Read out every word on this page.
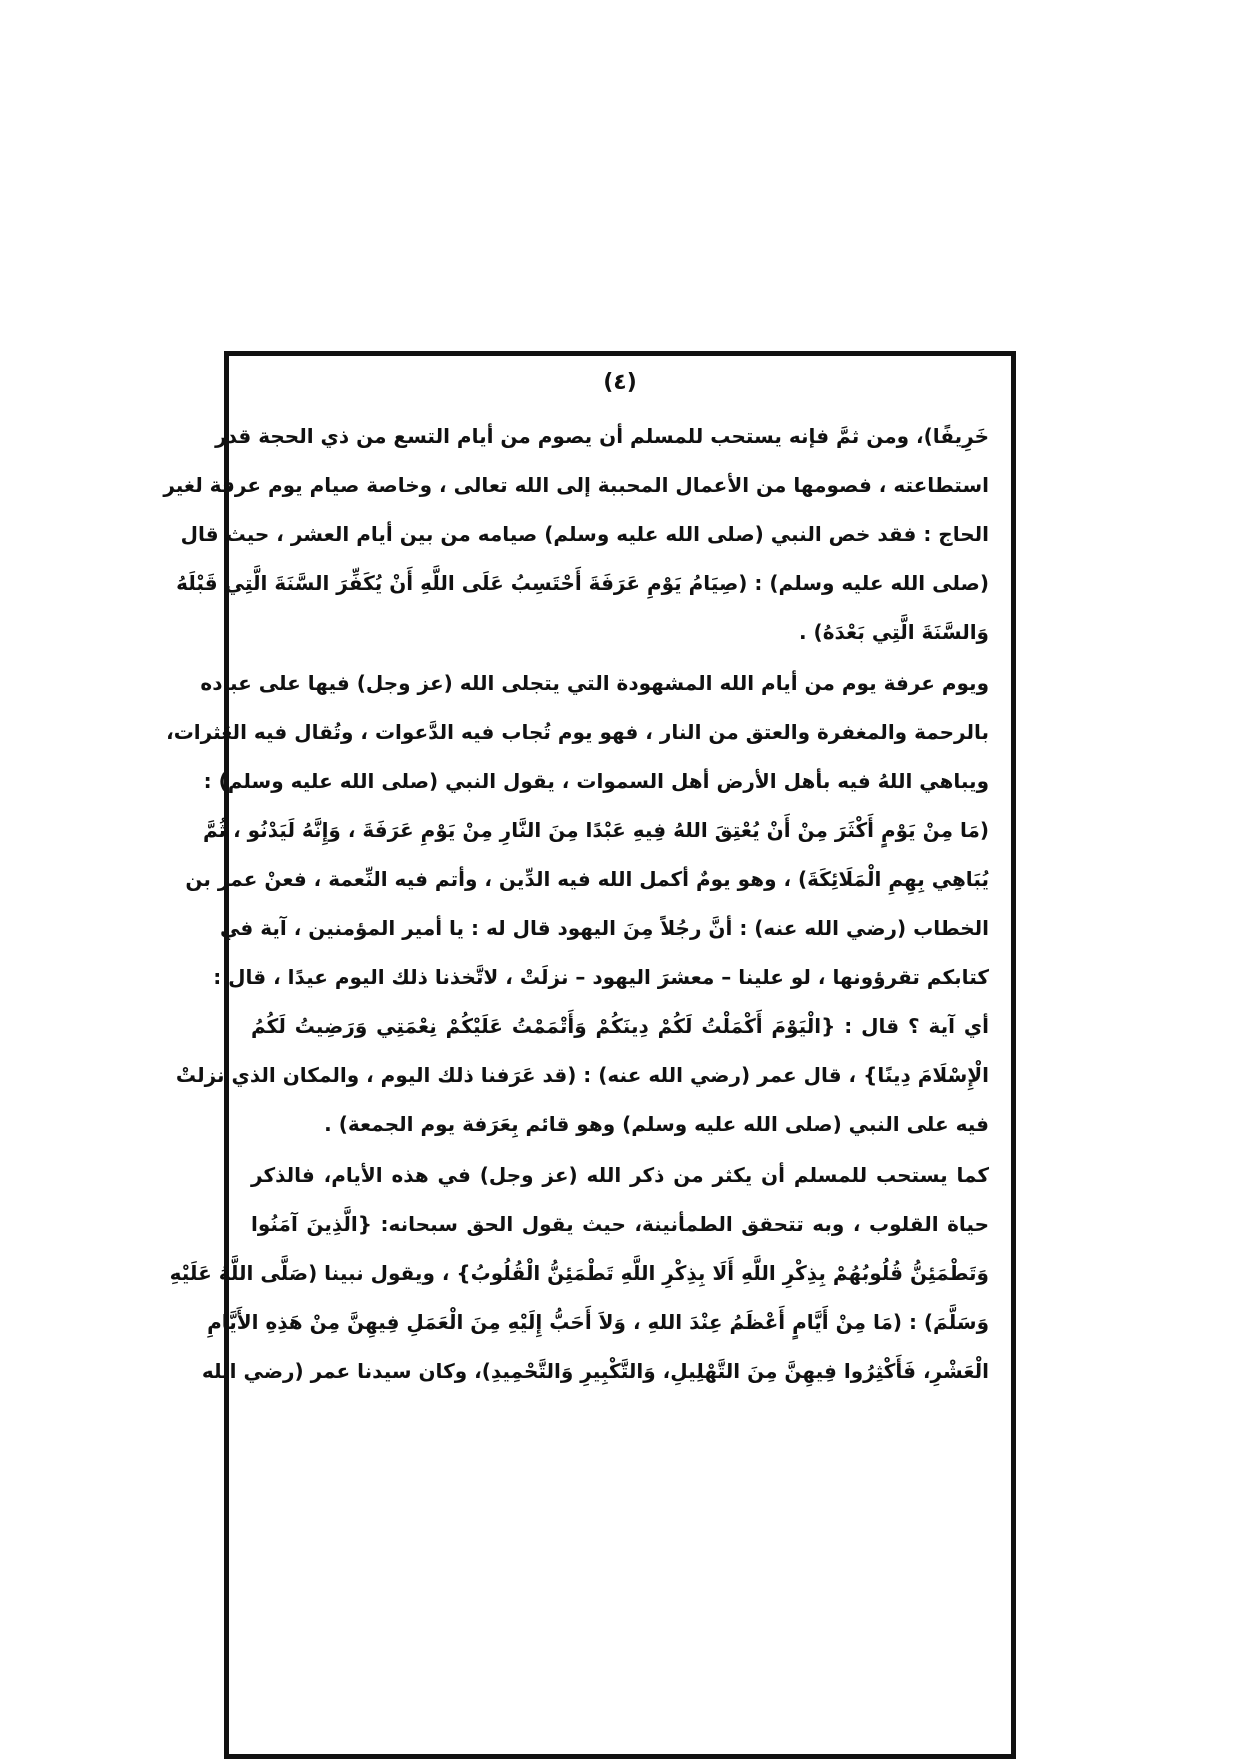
(٤)
خَرِيفًا)، ومن ثمَّ فإنه يستحب للمسلم أن يصوم من أيام التسع من ذي الحجة قدر
استطاعته ، فصومها من الأعمال المحببة إلى الله تعالى ، وخاصة صيام يوم عرفة لغير
الحاج : فقد خص النبي (صلى الله عليه وسلم) صيامه من بين أيام العشر ، حيث قال
(صلى الله عليه وسلم) : (صِيَامُ يَوْمِ عَرَفَةَ أَحْتَسِبُ عَلَى اللَّهِ أَنْ يُكَفِّرَ السَّنَةَ الَّتِي قَبْلَهُ
وَالسَّنَةَ الَّتِي بَعْدَهُ) .
ويوم عرفة يوم من أيام الله المشهودة التي يتجلى الله (عز وجل) فيها على عباده
بالرحمة والمغفرة والعتق من النار ، فهو يوم تُجاب فيه الدَّعوات ، وتُقال فيه العَثرات،
ويباهي اللهُ فيه بأهل الأرض أهل السموات ، يقول النبي (صلى الله عليه وسلم) :
(مَا مِنْ يَوْمٍ أَكْثَرَ مِنْ أَنْ يُعْتِقَ اللهُ فِيهِ عَبْدًا مِنَ النَّارِ مِنْ يَوْمِ عَرَفَةَ ، وَإِنَّهُ لَيَدْنُو ، ثُمَّ
يُبَاهِي بِهِمِ الْمَلَائِكَةَ) ، وهو يومٌ أكمل الله فيه الدِّين ، وأتم فيه النِّعمة ، فعنْ عمر بن
الخطاب (رضي الله عنه) : أنَّ رجُلاً مِنَ اليهود قال له : يا أمير المؤمنين ، آية في
كتابكم تقرؤونها ، لو علينا – معشرَ اليهود – نزلَتْ ، لاتَّخذنا ذلك اليوم عيدًا ، قال :
أي آية ؟ قال : {الْيَوْمَ أَكْمَلْتُ لَكُمْ دِينَكُمْ وَأَتْمَمْتُ عَلَيْكُمْ نِعْمَتِي وَرَضِيتُ لَكُمُ
الْإِسْلَامَ دِينًا} ، قال عمر (رضي الله عنه) : (قد عَرَفنا ذلك اليوم ، والمكان الذي نزلتْ
فيه على النبي (صلى الله عليه وسلم) وهو قائم بِعَرَفة يوم الجمعة) .
كما يستحب للمسلم أن يكثر من ذكر الله (عز وجل) في هذه الأيام، فالذكر
حياة القلوب ، وبه تتحقق الطمأنينة، حيث يقول الحق سبحانه: {الَّذِينَ آمَنُوا
وَتَطْمَئِنُّ قُلُوبُهُمْ بِذِكْرِ اللَّهِ أَلَا بِذِكْرِ اللَّهِ تَطْمَئِنُّ الْقُلُوبُ} ، ويقول نبينا (صَلَّى اللَّهُ عَلَيْهِ
وَسَلَّمَ) : (مَا مِنْ أَيَّامٍ أَعْظَمُ عِنْدَ اللهِ ، وَلاَ أَحَبُّ إِلَيْهِ مِنَ الْعَمَلِ فِيهِنَّ مِنْ هَذِهِ الأَيَّامِ
الْعَشْرِ، فَأَكْثِرُوا فِيهِنَّ مِنَ التَّهْلِيلِ، وَالتَّكْبِيرِ وَالتَّحْمِيدِ)، وكان سيدنا عمر (رضي الله
